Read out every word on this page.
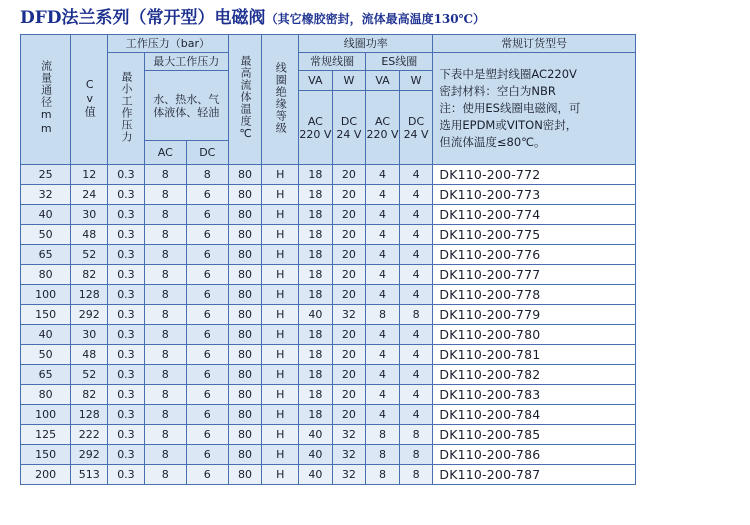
DFD法兰系列（常开型）电磁阀（其它橡胶密封，流体最高温度130℃）
流量通径mm	Cv值	工作压力（bar）			最高流体温度℃	线圈绝缘等级	线圈功率				常规订货型号
		最小工作压力	最大工作压力				常规线圈		ES线圈		下表中是塑封线圈AC220V
密封材料：空白为NBR
注：使用ES线圈电磁阀，可
选用EPDM或VITON密封，
但流体温度≤80℃。

			水、热水、气体液体、轻油				VA	W	VA	W	
							AC 220 V	DC 24 V	AC 220 V	DC 24 V	
			AC	DC							
25	12	0.3	8	8	80	H	18	20	4	4	DK110-200-772
32	24	0.3	8	6	80	H	18	20	4	4	DK110-200-773
40	30	0.3	8	6	80	H	18	20	4	4	DK110-200-774
50	48	0.3	8	6	80	H	18	20	4	4	DK110-200-775
65	52	0.3	8	6	80	H	18	20	4	4	DK110-200-776
80	82	0.3	8	6	80	H	18	20	4	4	DK110-200-777
100	128	0.3	8	6	80	H	18	20	4	4	DK110-200-778
150	292	0.3	8	6	80	H	40	32	8	8	DK110-200-779
40	30	0.3	8	6	80	H	18	20	4	4	DK110-200-780
50	48	0.3	8	6	80	H	18	20	4	4	DK110-200-781
65	52	0.3	8	6	80	H	18	20	4	4	DK110-200-782
80	82	0.3	8	6	80	H	18	20	4	4	DK110-200-783
100	128	0.3	8	6	80	H	18	20	4	4	DK110-200-784
125	222	0.3	8	6	80	H	40	32	8	8	DK110-200-785
150	292	0.3	8	6	80	H	40	32	8	8	DK110-200-786
200	513	0.3	8	6	80	H	40	32	8	8	DK110-200-787
